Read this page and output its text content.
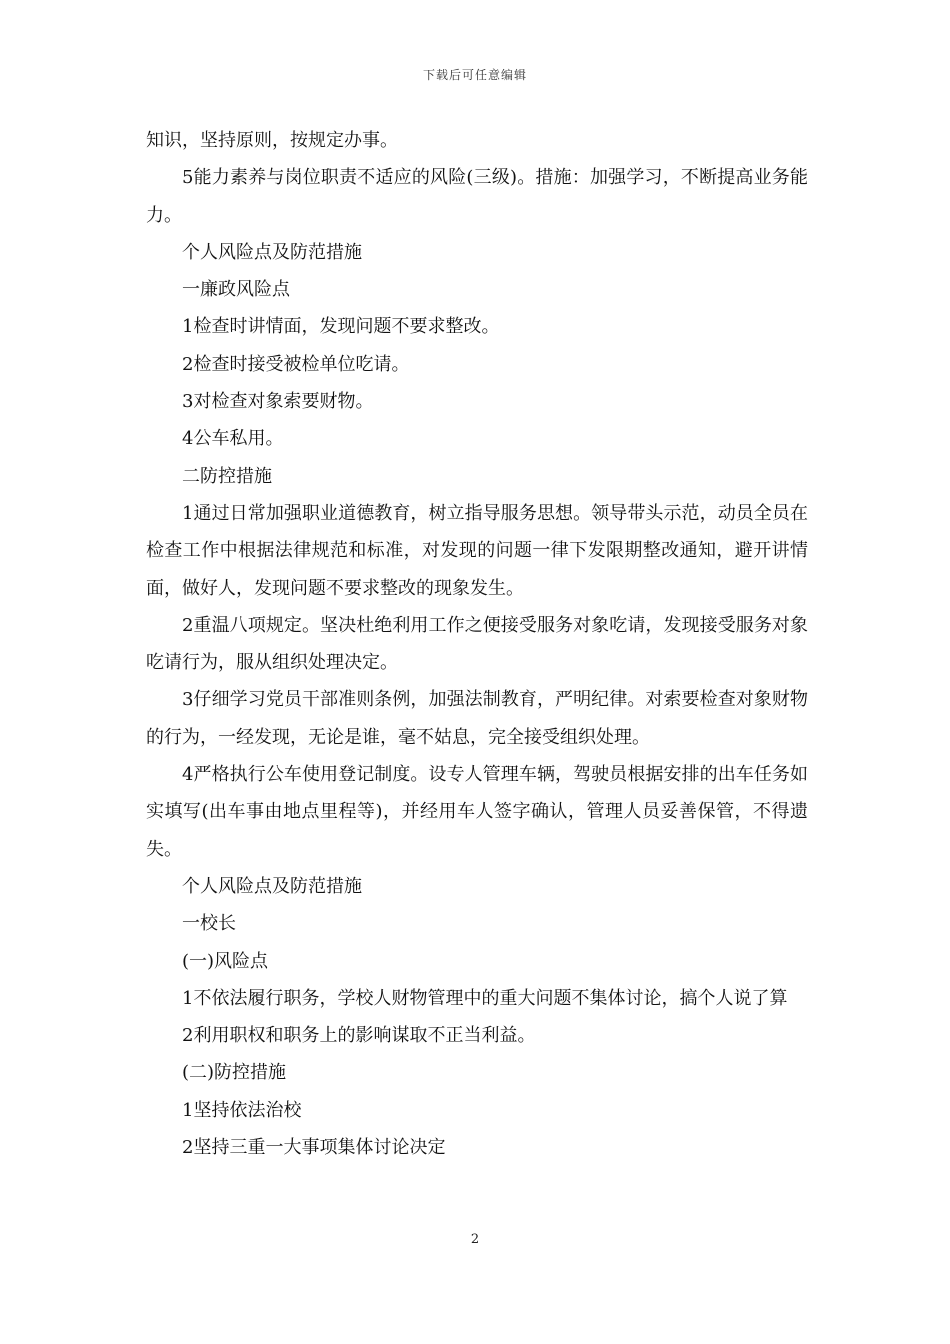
下载后可任意编辑

知识，坚持原则，按规定办事。

5能力素养与岗位职责不适应的风险(三级)。措施：加强学习，不断提高业务能力。

个人风险点及防范措施

一廉政风险点

1检查时讲情面，发现问题不要求整改。

2检查时接受被检单位吃请。

3对检查对象索要财物。

4公车私用。

二防控措施

1通过日常加强职业道德教育，树立指导服务思想。领导带头示范，动员全员在检查工作中根据法律规范和标准，对发现的问题一律下发限期整改通知，避开讲情面，做好人，发现问题不要求整改的现象发生。

2重温八项规定。坚决杜绝利用工作之便接受服务对象吃请，发现接受服务对象吃请行为，服从组织处理决定。

3仔细学习党员干部准则条例，加强法制教育，严明纪律。对索要检查对象财物的行为，一经发现，无论是谁，毫不姑息，完全接受组织处理。

4严格执行公车使用登记制度。设专人管理车辆，驾驶员根据安排的出车任务如实填写(出车事由地点里程等)，并经用车人签字确认，管理人员妥善保管，不得遗失。

个人风险点及防范措施

一校长

(一)风险点

1不依法履行职务，学校人财物管理中的重大问题不集体讨论，搞个人说了算

2利用职权和职务上的影响谋取不正当利益。

(二)防控措施

1坚持依法治校

2坚持三重一大事项集体讨论决定

2
